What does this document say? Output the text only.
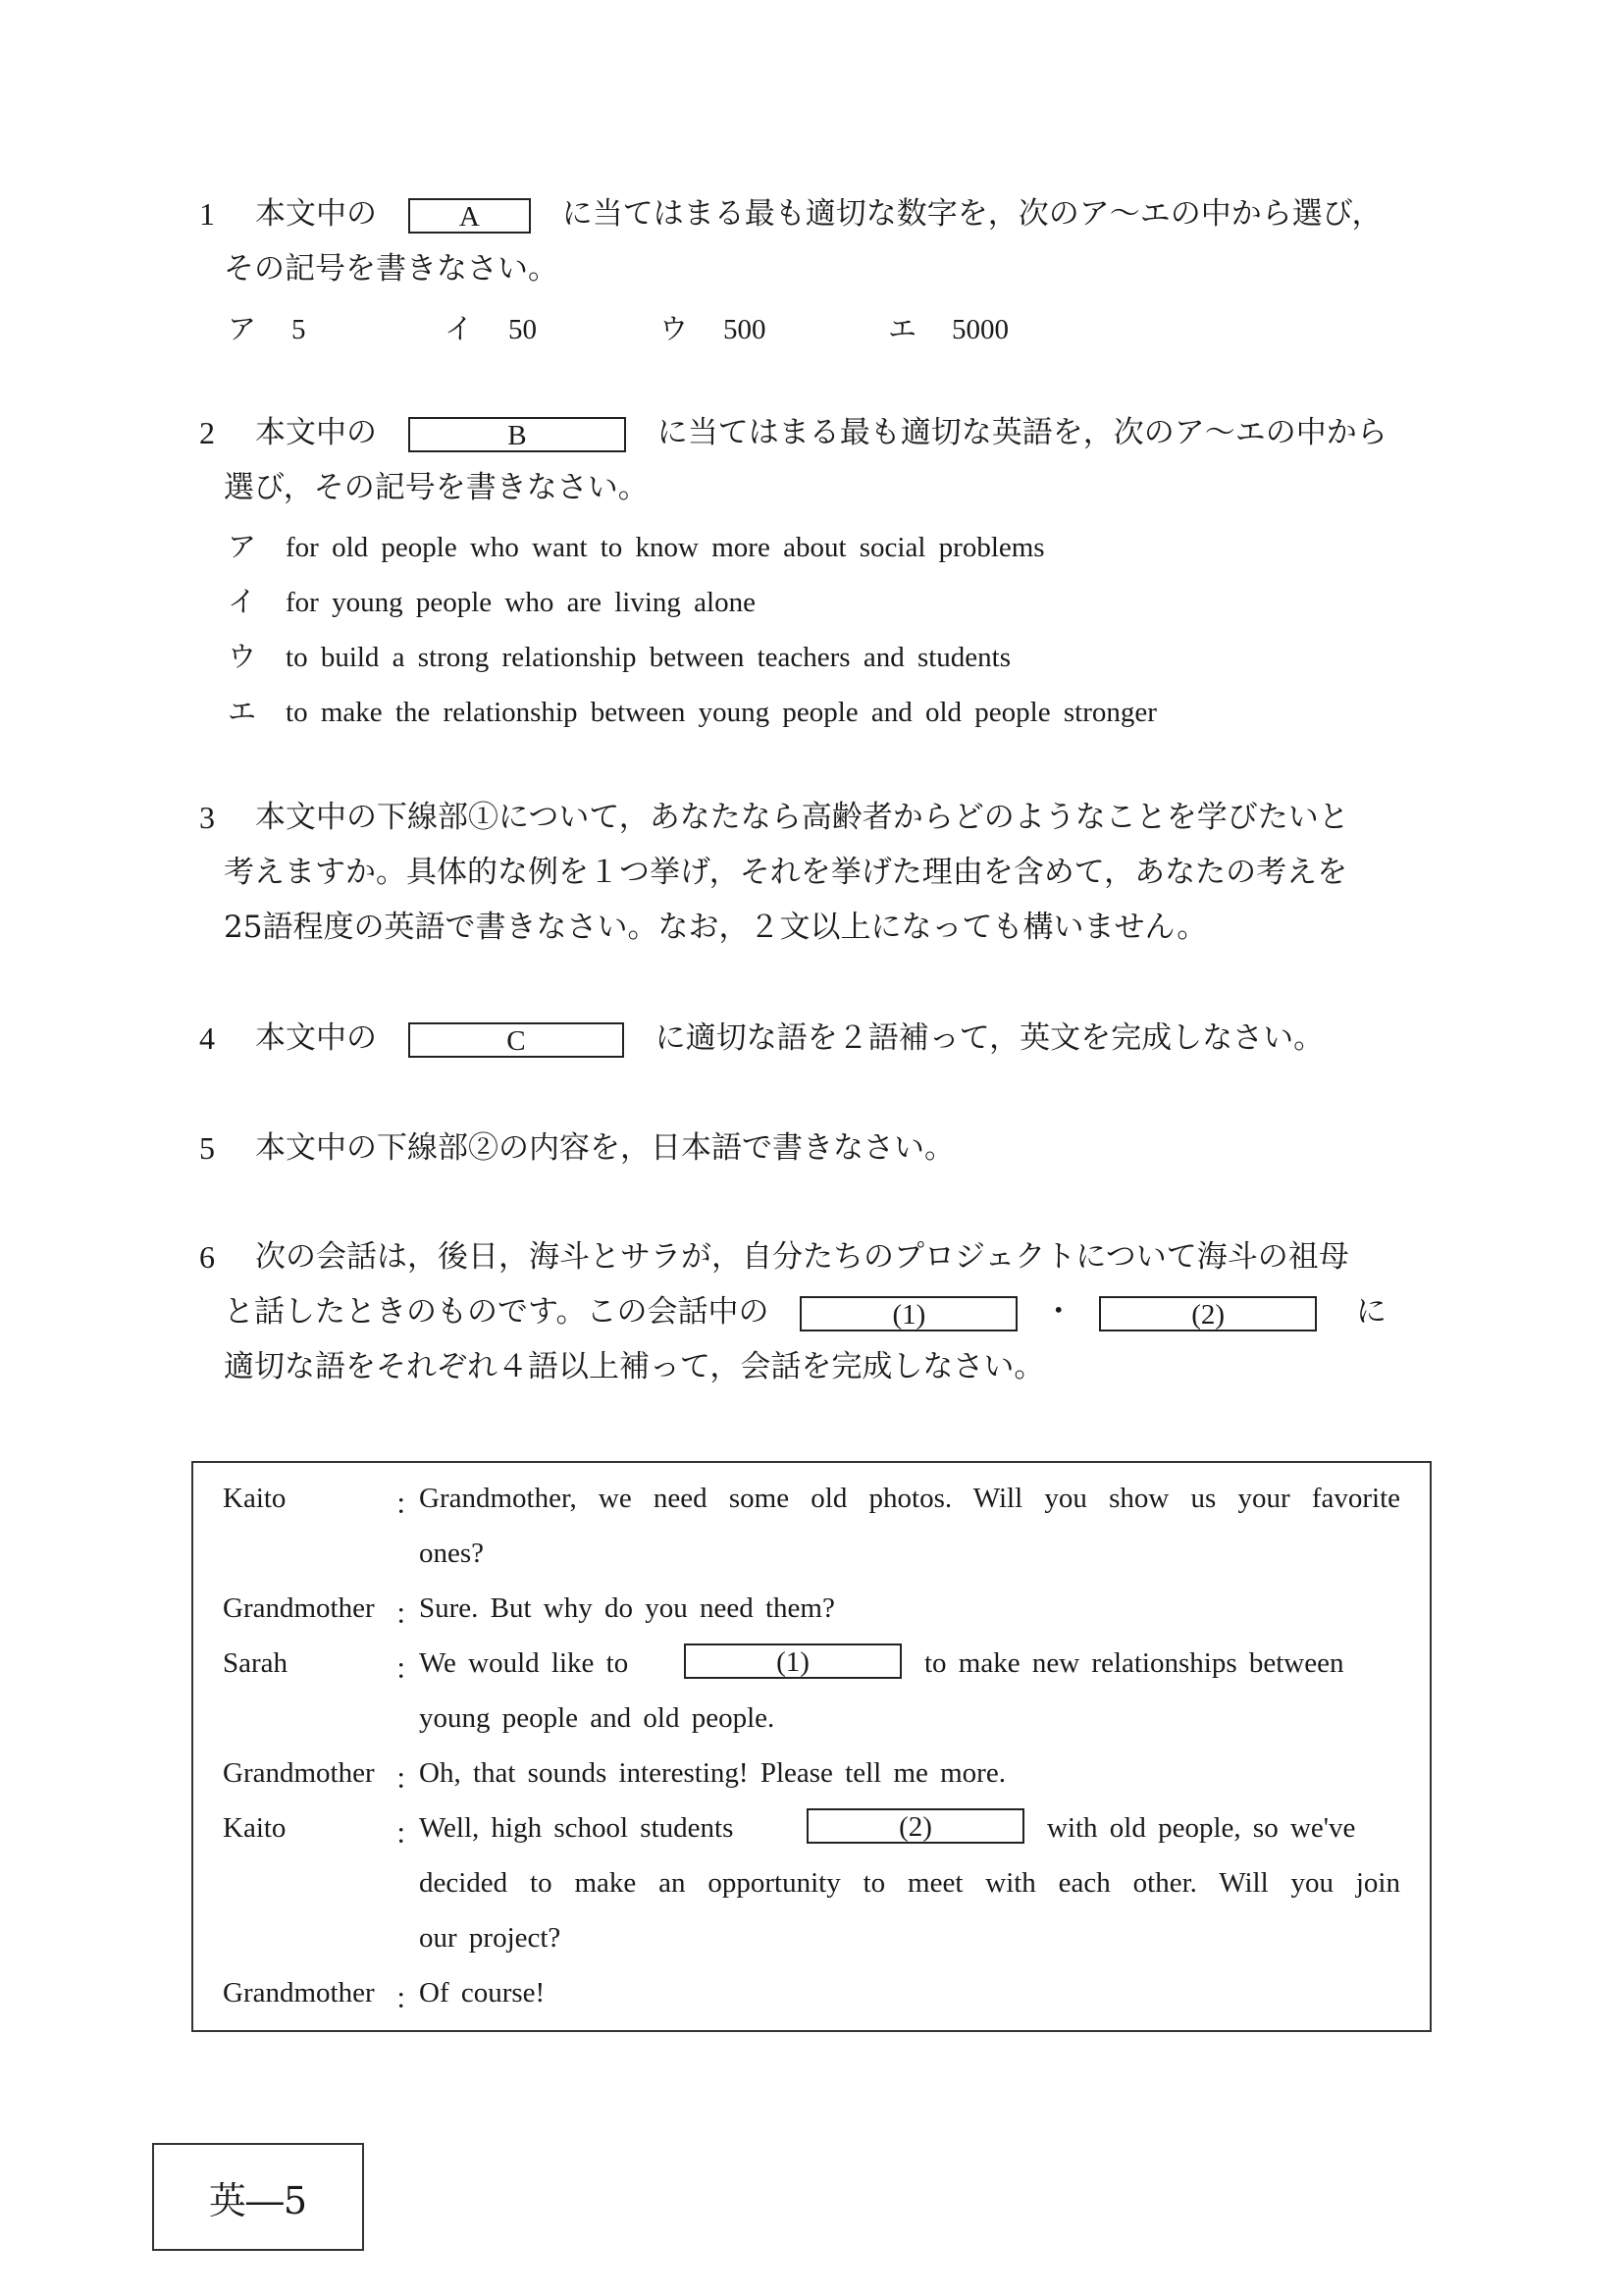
1 本文中の	A	に当てはまる最も適切な数字を，次のア～エの中から選び，
その記号を書きなさい。
ア 5	イ 50	ウ 500	エ 5000
2 本文中の	B	に当てはまる最も適切な英語を，次のア～エの中から
選び，その記号を書きなさい。
ア for old people who want to know more about social problems
イ for young people who are living alone
ウ to build a strong relationship between teachers and students
エ to make the relationship between young people and old people stronger
3 本文中の下線部①について，あなたなら高齢者からどのようなことを学びたいと
考えますか。具体的な例を１つ挙げ，それを挙げた理由を含めて，あなたの考えを
25語程度の英語で書きなさい。なお，２文以上になっても構いません。
4 本文中の	C	に適切な語を２語補って，英文を完成しなさい。
5 本文中の下線部②の内容を，日本語で書きなさい。
6 次の会話は，後日，海斗とサラが，自分たちのプロジェクトについて海斗の祖母
と話したときのものです。この会話中の	(1)	・	(2)	に
適切な語をそれぞれ４語以上補って，会話を完成しなさい。
Kaito	：
Grandmother, we need some old photos. Will you show us your favorite
ones?
Grandmother ：
Sure. But why do you need them?
Sarah	：
We would like to	(1)	to make new relationships between
young people and old people.
Grandmother ：
Oh, that sounds interesting! Please tell me more.
Kaito	：
Well, high school students	(2)	with old people, so we've
decided to make an opportunity to meet with each other. Will you join
our project?
Grandmother ：
Of course!
英―5
